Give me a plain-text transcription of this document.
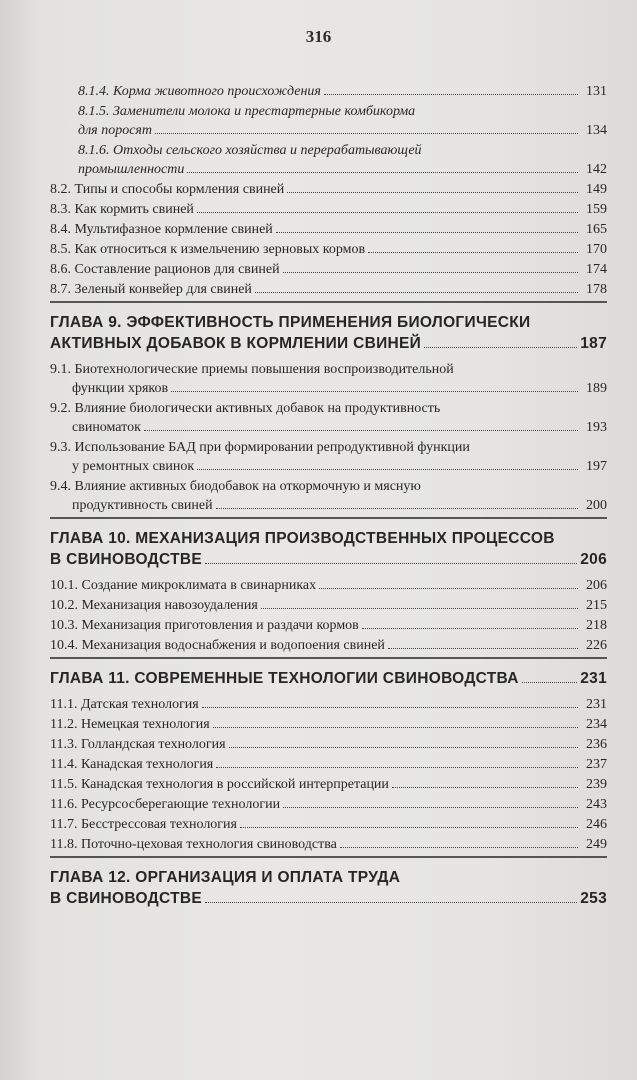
316
8.1.4. Корма животного происхождения	131
8.1.5. Заменители молока и престартерные комбикорма
для поросят	134
8.1.6. Отходы сельского хозяйства и перерабатывающей
промышленности	142
8.2. Типы и способы кормления свиней	149
8.3. Как кормить свиней	159
8.4. Мультифазное кормление свиней	165
8.5. Как относиться к измельчению зерновых кормов	170
8.6. Составление рационов для свиней	174
8.7. Зеленый конвейер для свиней	178
ГЛАВА 9. ЭФФЕКТИВНОСТЬ ПРИМЕНЕНИЯ БИОЛОГИЧЕСКИ
АКТИВНЫХ ДОБАВОК В КОРМЛЕНИИ СВИНЕЙ	187
9.1. Биотехнологические приемы повышения воспроизводительной
функции хряков	189
9.2. Влияние биологически активных добавок на продуктивность
свиноматок	193
9.3. Использование БАД при формировании репродуктивной функции
у ремонтных свинок	197
9.4. Влияние активных биодобавок на откормочную и мясную
продуктивность свиней	200
ГЛАВА 10. МЕХАНИЗАЦИЯ ПРОИЗВОДСТВЕННЫХ ПРОЦЕССОВ
В СВИНОВОДСТВЕ	206
10.1. Создание микроклимата в свинарниках	206
10.2. Механизация навозоудаления	215
10.3. Механизация приготовления и раздачи кормов	218
10.4. Механизация водоснабжения и водопоения свиней	226
ГЛАВА 11. СОВРЕМЕННЫЕ ТЕХНОЛОГИИ СВИНОВОДСТВА	231
11.1. Датская технология	231
11.2. Немецкая технология	234
11.3. Голландская технология	236
11.4. Канадская технология	237
11.5. Канадская технология в российской интерпретации	239
11.6. Ресурсосберегающие технологии	243
11.7. Бесстрессовая технология	246
11.8. Поточно-цеховая технология свиноводства	249
ГЛАВА 12. ОРГАНИЗАЦИЯ И ОПЛАТА ТРУДА
В СВИНОВОДСТВЕ	253
